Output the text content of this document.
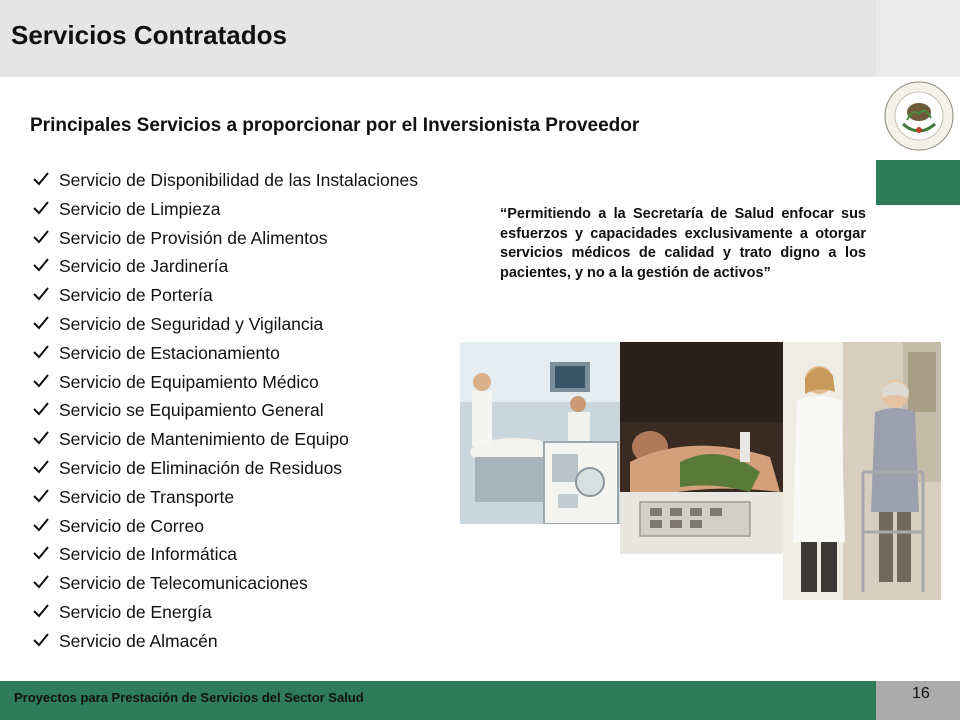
Servicios Contratados
SHCP
Principales Servicios a proporcionar por el Inversionista Proveedor
Servicio de Disponibilidad de las Instalaciones
Servicio de Limpieza
Servicio de Provisión de Alimentos
Servicio de Jardinería
Servicio de Portería
Servicio de Seguridad y Vigilancia
Servicio de Estacionamiento
Servicio de Equipamiento Médico
Servicio se Equipamiento General
Servicio de Mantenimiento de Equipo
Servicio de Eliminación de Residuos
Servicio de Transporte
Servicio de Correo
Servicio de Informática
Servicio de Telecomunicaciones
Servicio de Energía
Servicio de Almacén
“Permitiendo a la Secretaría de Salud enfocar sus esfuerzos y capacidades exclusivamente a otorgar servicios médicos de calidad y trato digno a los pacientes, y no a la gestión de activos”
Proyectos para Prestación de Servicios del Sector Salud	16
